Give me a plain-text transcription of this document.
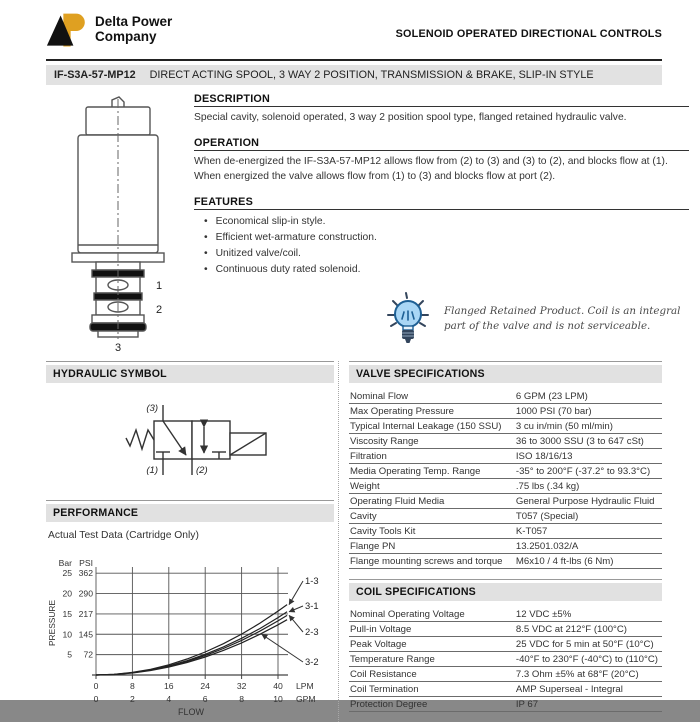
Delta Power
Company	SOLENOID OPERATED DIRECTIONAL CONTROLS
IF-S3A-57-MP12 DIRECT ACTING SPOOL, 3 WAY 2 POSITION, TRANSMISSION & BRAKE, SLIP-IN STYLE
1
2
3
DESCRIPTION
Special cavity, solenoid operated, 3 way 2 position spool type, flanged retained hydraulic valve.
OPERATION
When de-energized the IF-S3A-57-MP12 allows flow from (2) to (3) and (3) to (2), and blocks flow at (1).
When energized the valve allows flow from (1) to (3) and blocks flow at port (2).
FEATURES
• Economical slip-in style.
• Efficient wet-armature construction.
• Unitized valve/coil.
• Continuous duty rated solenoid.
Flanged Retained Product. Coil is an integral part of the valve and is not serviceable.
HYDRAULIC SYMBOL
(3)
(1)	(2)
PERFORMANCE
Actual Test Data (Cartridge Only)
Bar PSI
5 72
10 145
15 217
20 290
25 362
0
0
8
2
16
4
24
6
32
8
40
10
LPM
GPM
FLOW
PRESSURE
1-3
3-1
2-3
3-2
VALVE SPECIFICATIONS
Nominal Flow	6 GPM (23 LPM)
Max Operating Pressure	1000 PSI (70 bar)
Typical Internal Leakage (150 SSU)	3 cu in/min (50 ml/min)
Viscosity Range	36 to 3000 SSU (3 to 647 cSt)
Filtration	ISO 18/16/13
Media Operating Temp. Range	-35° to 200°F (-37.2° to 93.3°C)
Weight	.75 lbs (.34 kg)
Operating Fluid Media	General Purpose Hydraulic Fluid
Cavity	T057 (Special)
Cavity Tools Kit	K-T057
Flange PN	13.2501.032/A
Flange mounting screws and torque	M6x10 / 4 ft-lbs (6 Nm)
COIL SPECIFICATIONS
Nominal Operating Voltage	12 VDC ±5%
Pull-in Voltage	8.5 VDC at 212°F (100°C)
Peak Voltage	25 VDC for 5 min at 50°F (10°C)
Temperature Range	-40°F to 230°F (-40°C) to (110°C)
Coil Resistance	7.3 Ohm ±5% at 68°F (20°C)
Coil Termination	AMP Superseal - Integral
Protection Degree	IP 67
